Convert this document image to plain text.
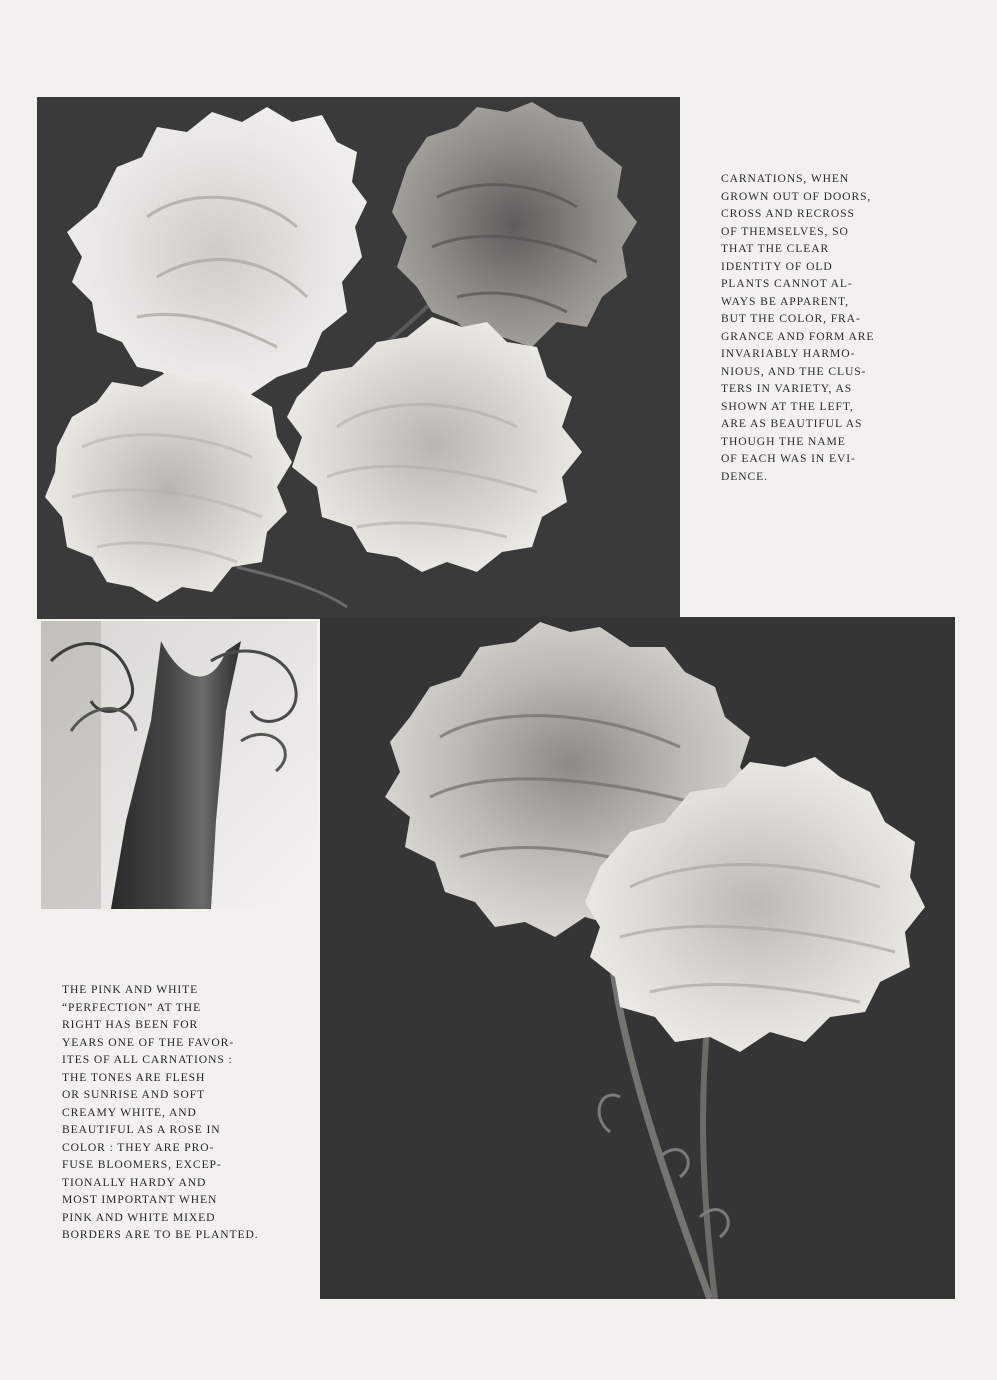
CARNATIONS, WHEN
GROWN OUT OF DOORS,
CROSS AND RECROSS
OF THEMSELVES, SO
THAT THE CLEAR
IDENTITY OF OLD
PLANTS CANNOT AL-
WAYS BE APPARENT,
BUT THE COLOR, FRA-
GRANCE AND FORM ARE
INVARIABLY HARMO-
NIOUS, AND THE CLUS-
TERS IN VARIETY, AS
SHOWN AT THE LEFT,
ARE AS BEAUTIFUL AS
THOUGH THE NAME
OF EACH WAS IN EVI-
DENCE.
THE PINK AND WHITE
“PERFECTION” AT THE
RIGHT HAS BEEN FOR
YEARS ONE OF THE FAVOR-
ITES OF ALL CARNATIONS :
THE TONES ARE FLESH
OR SUNRISE AND SOFT
CREAMY WHITE, AND
BEAUTIFUL AS A ROSE IN
COLOR : THEY ARE PRO-
FUSE BLOOMERS, EXCEP-
TIONALLY HARDY AND
MOST IMPORTANT WHEN
PINK AND WHITE MIXED
BORDERS ARE TO BE PLANTED.
